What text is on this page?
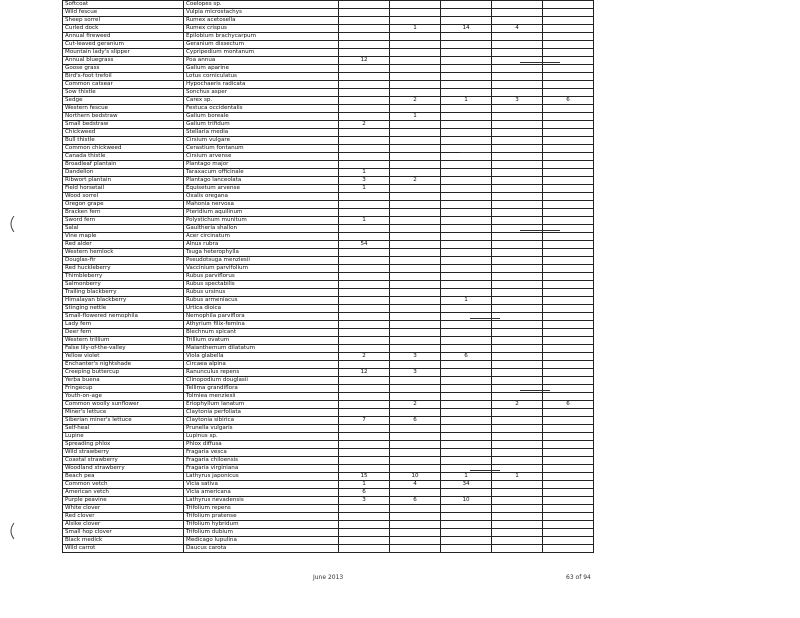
Softcoat	Coelopes sp.					
Wild fescue	Vulpia microstachys					
Sheep sorrel	Rumex acetosella					
Curled dock	Rumex crispus		1	14	4	
Annual fireweed	Epilobium brachycarpum					
Cut-leaved geranium	Geranium dissectum					
Mountain lady's slipper	Cypripedium montanum					
Annual bluegrass	Poa annua	12				
Goose grass	Galium aparine					
Bird's-foot trefoil	Lotus corniculatus					
Common catsear	Hypochaeris radicata					
Sow thistle	Sonchus asper					
Sedge	Carex sp.		2	1	3	6
Western fescue	Festuca occidentalis					
Northern bedstraw	Galium boreale		1			
Small bedstraw	Galium trifidum	2				
Chickweed	Stellaria media					
Bull thistle	Cirsium vulgare					
Common chickweed	Cerastium fontanum					
Canada thistle	Cirsium arvense					
Broadleaf plantain	Plantago major					
Dandelion	Taraxacum officinale	1				
Ribwort plantain	Plantago lanceolata	3	2			
Field horsetail	Equisetum arvense	1				
Wood sorrel	Oxalis oregana					
Oregon grape	Mahonia nervosa					
Bracken fern	Pteridium aquilinum					
Sword fern	Polystichum munitum	1				
Salal	Gaultheria shallon					
Vine maple	Acer circinatum					
Red alder	Alnus rubra	54				
Western hemlock	Tsuga heterophylla					
Douglas-fir	Pseudotsuga menziesii					
Red huckleberry	Vaccinium parvifolium					
Thimbleberry	Rubus parviflorus					
Salmonberry	Rubus spectabilis					
Trailing blackberry	Rubus ursinus					
Himalayan blackberry	Rubus armeniacus			1		
Stinging nettle	Urtica dioica					
Small-flowered nemophila	Nemophila parviflora					
Lady fern	Athyrium filix-femina					
Deer fern	Blechnum spicant					
Western trillium	Trillium ovatum					
False lily-of-the-valley	Maianthemum dilatatum					
Yellow violet	Viola glabella	2	3	6		
Enchanter's nightshade	Circaea alpina					
Creeping buttercup	Ranunculus repens	12	3			
Yerba buena	Clinopodium douglasii					
Fringecup	Tellima grandiflora					
Youth-on-age	Tolmiea menziesii					
Common woolly sunflower	Eriophyllum lanatum		2		2	6
Miner's lettuce	Claytonia perfoliata					
Siberian miner's lettuce	Claytonia sibirica	7	6			
Self-heal	Prunella vulgaris					
Lupine	Lupinus sp.					
Spreading phlox	Phlox diffusa					
Wild strawberry	Fragaria vesca					
Coastal strawberry	Fragaria chiloensis					
Woodland strawberry	Fragaria virginiana					
Beach pea	Lathyrus japonicus	15	10	1	1	
Common vetch	Vicia sativa	1	4	34		
American vetch	Vicia americana	6				
Purple peavine	Lathyrus nevadensis	3	6	10		
White clover	Trifolium repens					
Red clover	Trifolium pratense					
Alsike clover	Trifolium hybridum					
Small hop clover	Trifolium dubium					
Black medick	Medicago lupulina					
Wild carrot	Daucus carota					
June 2013	63 of 94
